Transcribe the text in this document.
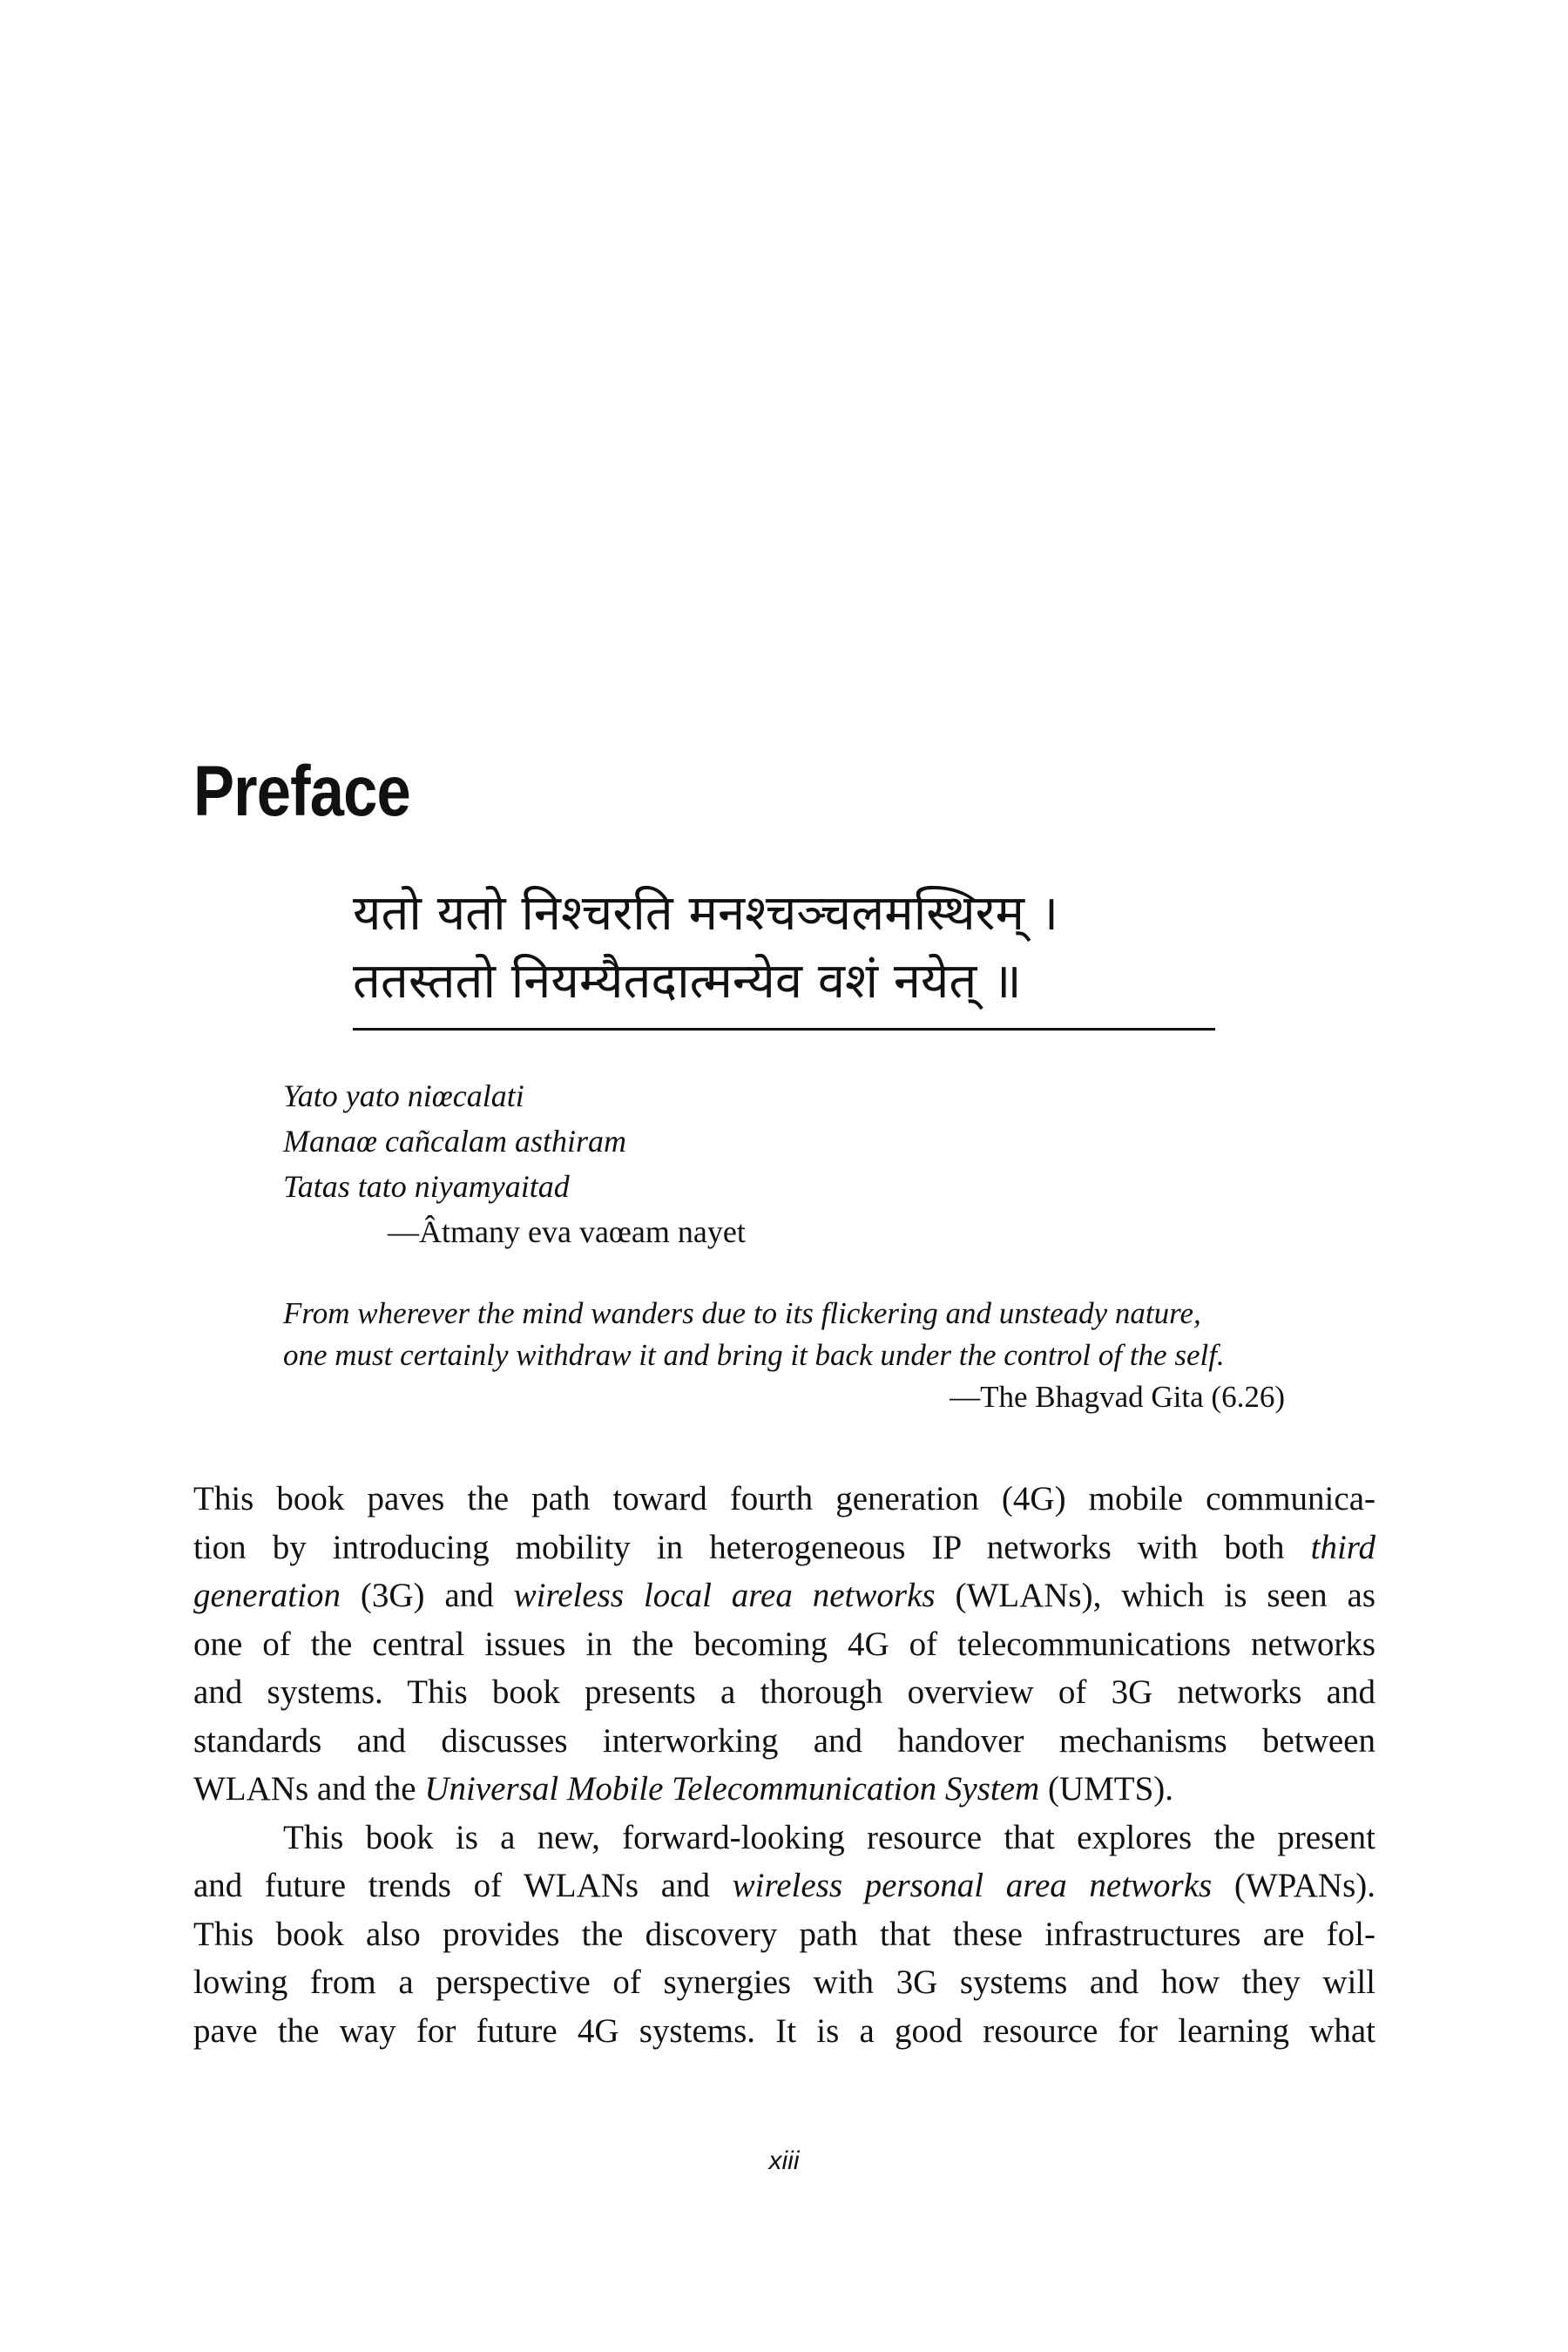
Preface
यतो यतो निश्चरति मनश्चञ्चलमस्थिरम् ।
ततस्ततो नियम्यैतदात्मन्येव वशं नयेत् ॥
Yato yato niœcalati
Manaœ cañcalam asthiram
Tatas tato niyamyaitad
—Âtmany eva vaœam nayet
From wherever the mind wanders due to its flickering and unsteady nature,
one must certainly withdraw it and bring it back under the control of the self.
—The Bhagvad Gita (6.26)
This book paves the path toward fourth generation (4G) mobile communica-
tion by introducing mobility in heterogeneous IP networks with both third
generation (3G) and wireless local area networks (WLANs), which is seen as
one of the central issues in the becoming 4G of telecommunications networks
and systems. This book presents a thorough overview of 3G networks and
standards and discusses interworking and handover mechanisms between
WLANs and the Universal Mobile Telecommunication System (UMTS).
This book is a new, forward-looking resource that explores the present
and future trends of WLANs and wireless personal area networks (WPANs).
This book also provides the discovery path that these infrastructures are fol-
lowing from a perspective of synergies with 3G systems and how they will
pave the way for future 4G systems. It is a good resource for learning what
xiii
